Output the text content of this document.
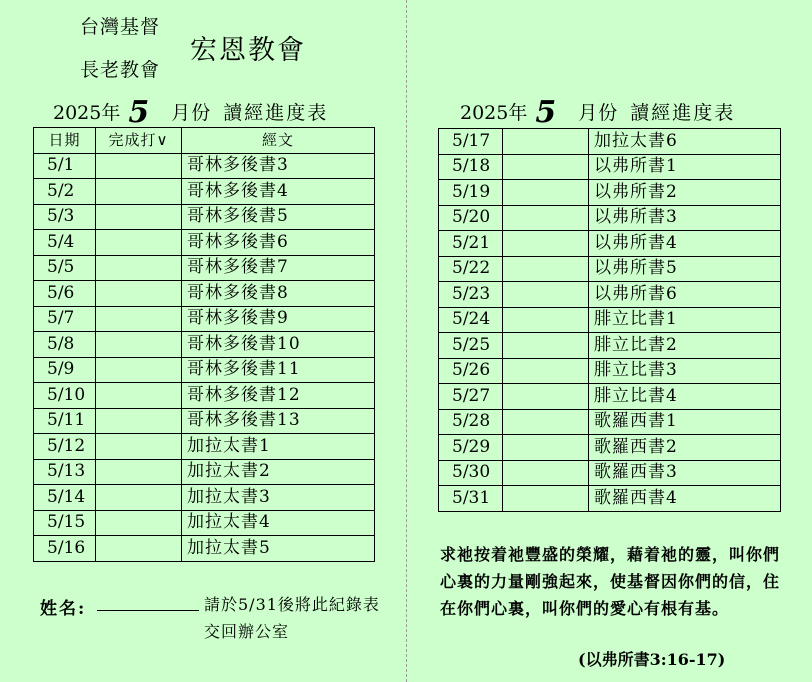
台灣基督
長老教會
宏恩教會
2025年 5 月份 讀經進度表
日期	完成打∨	經文
5/1		哥林多後書3
5/2		哥林多後書4
5/3		哥林多後書5
5/4		哥林多後書6
5/5		哥林多後書7
5/6		哥林多後書8
5/7		哥林多後書9
5/8		哥林多後書10
5/9		哥林多後書11
5/10		哥林多後書12
5/11		哥林多後書13
5/12		加拉太書1
5/13		加拉太書2
5/14		加拉太書3
5/15		加拉太書4
5/16		加拉太書5
姓名:	請於5/31後將此紀錄表交回辦公室
2025年 5 月份 讀經進度表
5/17		加拉太書6
5/18		以弗所書1
5/19		以弗所書2
5/20		以弗所書3
5/21		以弗所書4
5/22		以弗所書5
5/23		以弗所書6
5/24		腓立比書1
5/25		腓立比書2
5/26		腓立比書3
5/27		腓立比書4
5/28		歌羅西書1
5/29		歌羅西書2
5/30		歌羅西書3
5/31		歌羅西書4
求祂按着祂豐盛的榮耀，藉着祂的靈，叫你們心裏的力量剛強起來，使基督因你們的信，住在你們心裏，叫你們的愛心有根有基。
(以弗所書3:16-17)
